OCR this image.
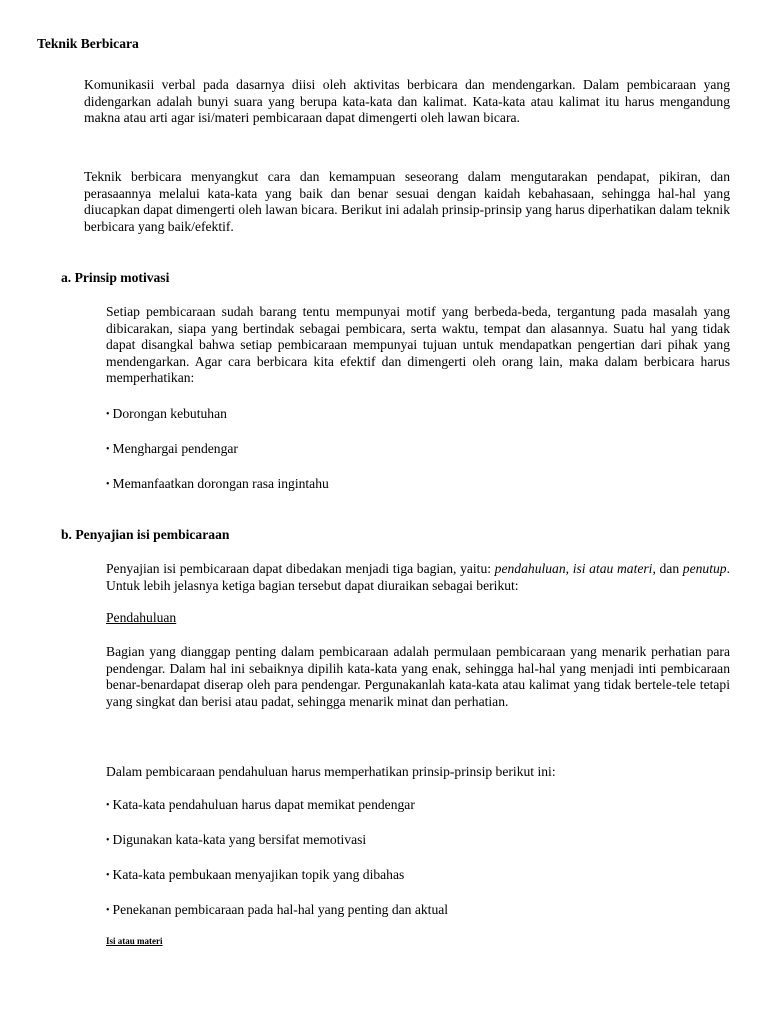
Teknik Berbicara

Komunikasii verbal pada dasarnya diisi oleh aktivitas berbicara dan mendengarkan. Dalam pembicaraan yang didengarkan adalah bunyi suara yang berupa kata-kata dan kalimat. Kata-kata atau kalimat itu harus mengandung makna atau arti agar isi/materi pembicaraan dapat dimengerti oleh lawan bicara.

Teknik berbicara menyangkut cara dan kemampuan seseorang dalam mengutarakan pendapat, pikiran, dan perasaannya melalui kata-kata yang baik dan benar sesuai dengan kaidah kebahasaan, sehingga hal-hal yang diucapkan dapat dimengerti oleh lawan bicara. Berikut ini adalah prinsip-prinsip yang harus diperhatikan dalam teknik berbicara yang baik/efektif.

a. Prinsip motivasi

Setiap pembicaraan sudah barang tentu mempunyai motif yang berbeda-beda, tergantung pada masalah yang dibicarakan, siapa yang bertindak sebagai pembicara, serta waktu, tempat dan alasannya. Suatu hal yang tidak dapat disangkal bahwa setiap pembicaraan mempunyai tujuan untuk mendapatkan pengertian dari pihak yang mendengarkan. Agar cara berbicara kita efektif dan dimengerti oleh orang lain, maka dalam berbicara harus memperhatikan:

• Dorongan kebutuhan
• Menghargai pendengar
• Memanfaatkan dorongan rasa ingintahu
b. Penyajian isi pembicaraan

Penyajian isi pembicaraan dapat dibedakan menjadi tiga bagian, yaitu: pendahuluan, isi atau materi, dan penutup. Untuk lebih jelasnya ketiga bagian tersebut dapat diuraikan sebagai berikut:

Pendahuluan

Bagian yang dianggap penting dalam pembicaraan adalah permulaan pembicaraan yang menarik perhatian para pendengar. Dalam hal ini sebaiknya dipilih kata-kata yang enak, sehingga hal-hal yang menjadi inti pembicaraan benar-benardapat diserap oleh para pendengar. Pergunakanlah kata-kata atau kalimat yang tidak bertele-tele tetapi yang singkat dan berisi atau padat, sehingga menarik minat dan perhatian.

Dalam pembicaraan pendahuluan harus memperhatikan prinsip-prinsip berikut ini:

• Kata-kata pendahuluan harus dapat memikat pendengar
• Digunakan kata-kata yang bersifat memotivasi
• Kata-kata pembukaan menyajikan topik yang dibahas
• Penekanan pembicaraan pada hal-hal yang penting dan aktual
Isi atau materi
